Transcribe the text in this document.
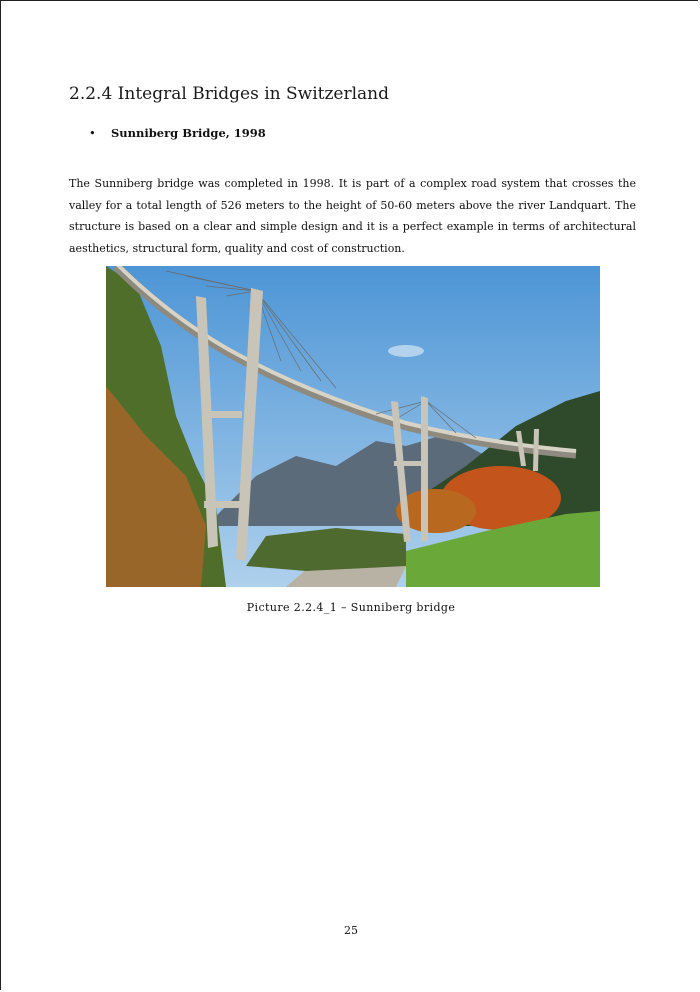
2.2.4 Integral Bridges in Switzerland
•	Sunniberg Bridge, 1998

The Sunniberg bridge was completed in 1998. It is part of a complex road system that crosses the valley for a total length of 526 meters to the height of 50-60 meters above the river Landquart. The structure is based on a clear and simple design and it is a perfect example in terms of architectural aesthetics, structural form, quality and cost of construction.

Picture 2.2.4_1 – Sunniberg bridge
25
